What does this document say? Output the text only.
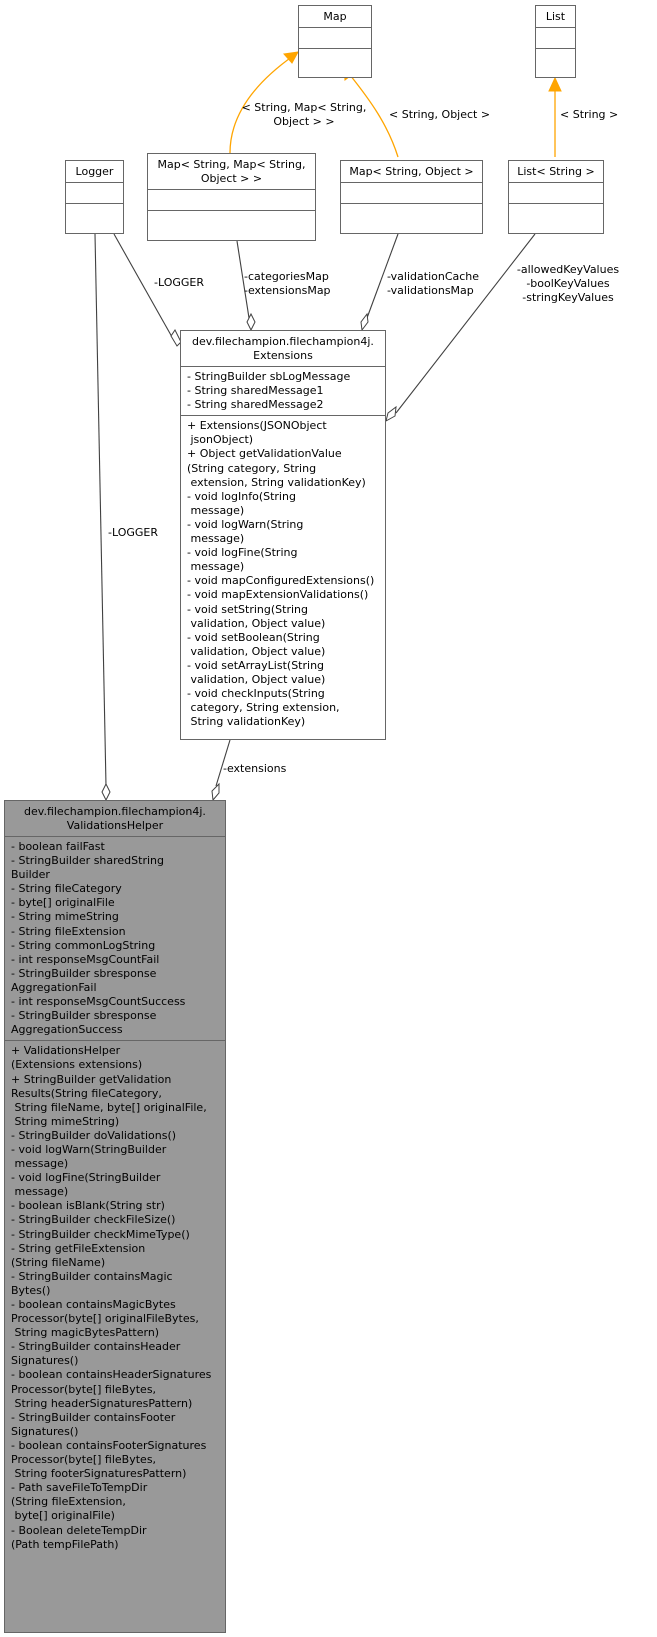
Map	List
Logger
Map< String, Map< String,
Object > >
Map< String, Object >	List< String >
dev.filechampion.filechampion4j.
Extensions
- StringBuilder sbLogMessage
- String sharedMessage1
- String sharedMessage2
+ Extensions(JSONObject
jsonObject)
+ Object getValidationValue
(String category, String
extension, String validationKey)
- void logInfo(String
message)
- void logWarn(String
message)
- void logFine(String
message)
- void mapConfiguredExtensions()
- void mapExtensionValidations()
- void setString(String
validation, Object value)
- void setBoolean(String
validation, Object value)
- void setArrayList(String
validation, Object value)
- void checkInputs(String
category, String extension,
String validationKey)
dev.filechampion.filechampion4j.
ValidationsHelper
- boolean failFast
- StringBuilder sharedString
Builder
- String fileCategory
- byte[] originalFile
- String mimeString
- String fileExtension
- String commonLogString
- int responseMsgCountFail
- StringBuilder sbresponse
AggregationFail
- int responseMsgCountSuccess
- StringBuilder sbresponse
AggregationSuccess
+ ValidationsHelper
(Extensions extensions)
+ StringBuilder getValidation
Results(String fileCategory,
String fileName, byte[] originalFile,
String mimeString)
- StringBuilder doValidations()
- void logWarn(StringBuilder
message)
- void logFine(StringBuilder
message)
- boolean isBlank(String str)
- StringBuilder checkFileSize()
- StringBuilder checkMimeType()
- String getFileExtension
(String fileName)
- StringBuilder containsMagic
Bytes()
- boolean containsMagicBytes
Processor(byte[] originalFileBytes,
String magicBytesPattern)
- StringBuilder containsHeader
Signatures()
- boolean containsHeaderSignatures
Processor(byte[] fileBytes,
String headerSignaturesPattern)
- StringBuilder containsFooter
Signatures()
- boolean containsFooterSignatures
Processor(byte[] fileBytes,
String footerSignaturesPattern)
- Path saveFileToTempDir
(String fileExtension,
byte[] originalFile)
- Boolean deleteTempDir
(Path tempFilePath)
< String, Map< String,
Object > >
< String, Object >	< String >
-LOGGER	-categoriesMap
-extensionsMap
-validationCache
-validationsMap
-allowedKeyValues
-boolKeyValues
-stringKeyValues
-LOGGER
-extensions
